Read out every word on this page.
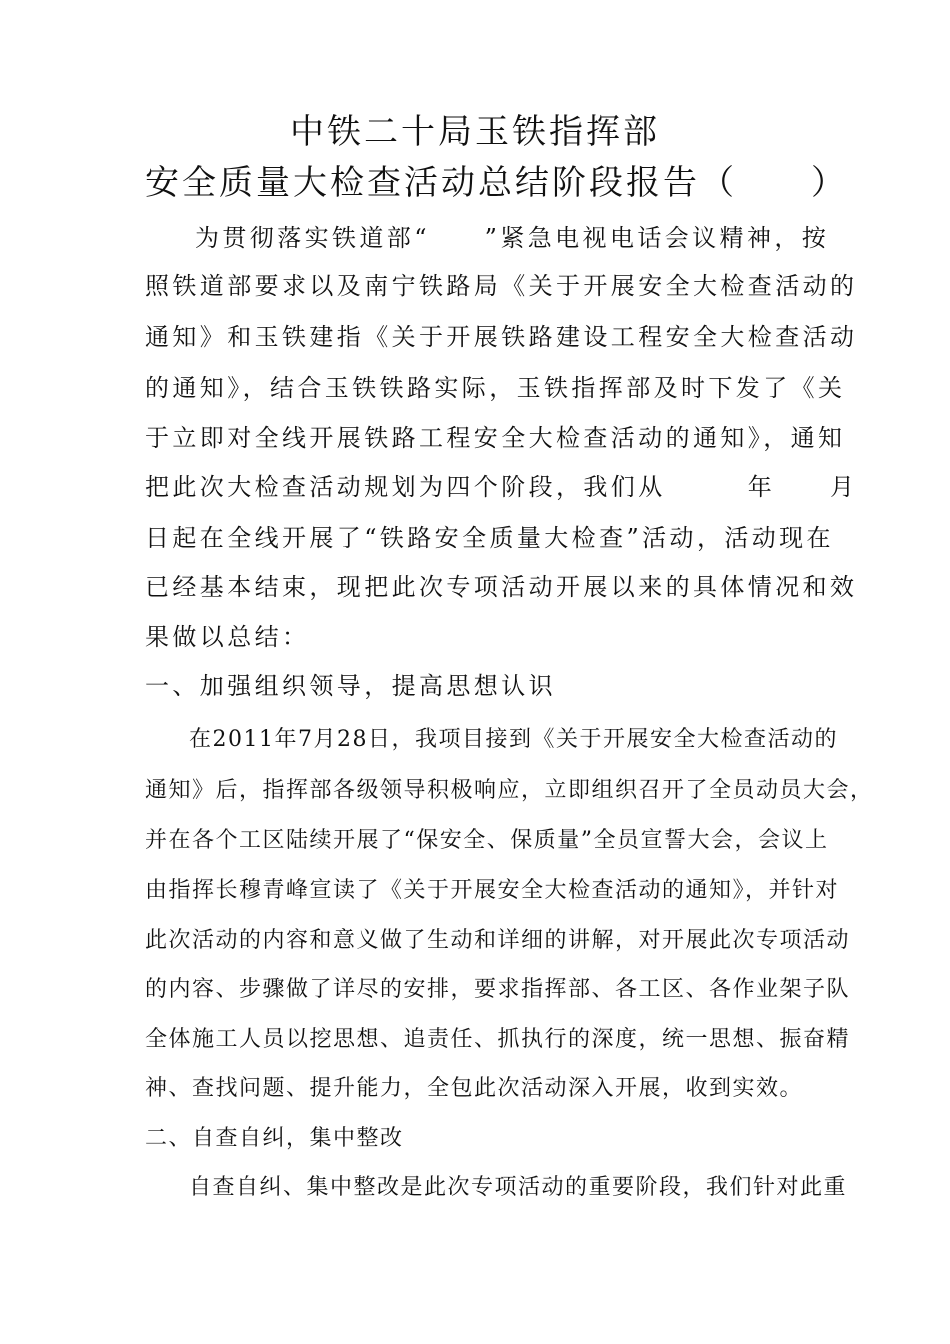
中铁二十局玉铁指挥部
安全质量大检查活动总结阶段报告（　　）
为贯彻落实铁道部“　　”紧急电视电话会议精神，按
照铁道部要求以及南宁铁路局《关于开展安全大检查活动的
通知》和玉铁建指《关于开展铁路建设工程安全大检查活动
的通知》，结合玉铁铁路实际，玉铁指挥部及时下发了《关
于立即对全线开展铁路工程安全大检查活动的通知》，通知
把此次大检查活动规划为四个阶段，我们从　　　年　　月
日起在全线开展了“铁路安全质量大检查”活动，活动现在
已经基本结束，现把此次专项活动开展以来的具体情况和效
果做以总结：
一、加强组织领导，提高思想认识
在2011年7月28日，我项目接到《关于开展安全大检查活动的
通知》后，指挥部各级领导积极响应，立即组织召开了全员动员大会，
并在各个工区陆续开展了“保安全、保质量”全员宣誓大会，会议上
由指挥长穆青峰宣读了《关于开展安全大检查活动的通知》，并针对
此次活动的内容和意义做了生动和详细的讲解，对开展此次专项活动
的内容、步骤做了详尽的安排，要求指挥部、各工区、各作业架子队
全体施工人员以挖思想、追责任、抓执行的深度，统一思想、振奋精
神、查找问题、提升能力，全包此次活动深入开展，收到实效。
二、自查自纠，集中整改
自查自纠、集中整改是此次专项活动的重要阶段，我们针对此重
